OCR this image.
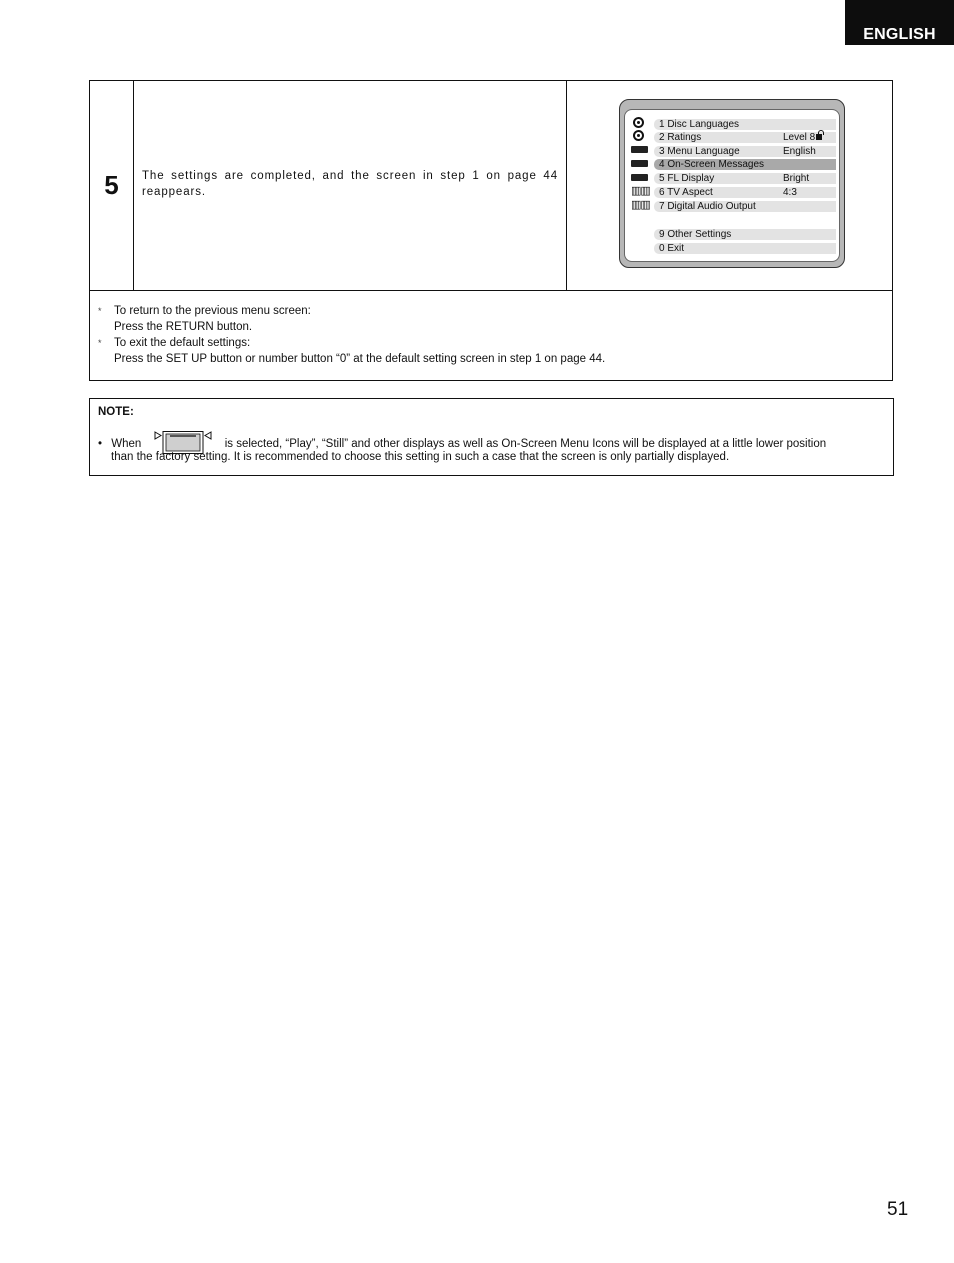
ENGLISH
5	The settings are completed, and the screen in step 1 on page 44 reappears.	▥▥
▥▥
1 Disc Languages
2 Ratings	Level 8
3 Menu Language	English
4 On-Screen Messages
5 FL Display	Bright
6 TV Aspect	4:3
7 Digital Audio Output
9 Other Settings
0 Exit
*	To return to the previous menu screen:
Press the RETURN button.
*	To exit the default settings:
Press the SET UP button or number button “0” at the default setting screen in step 1 on page 44.
NOTE:
• When	is selected, “Play”, “Still” and other displays as well as On-Screen Menu Icons will be displayed at a little lower position
than the factory setting. It is recommended to choose this setting in such a case that the screen is only partially displayed.
51
